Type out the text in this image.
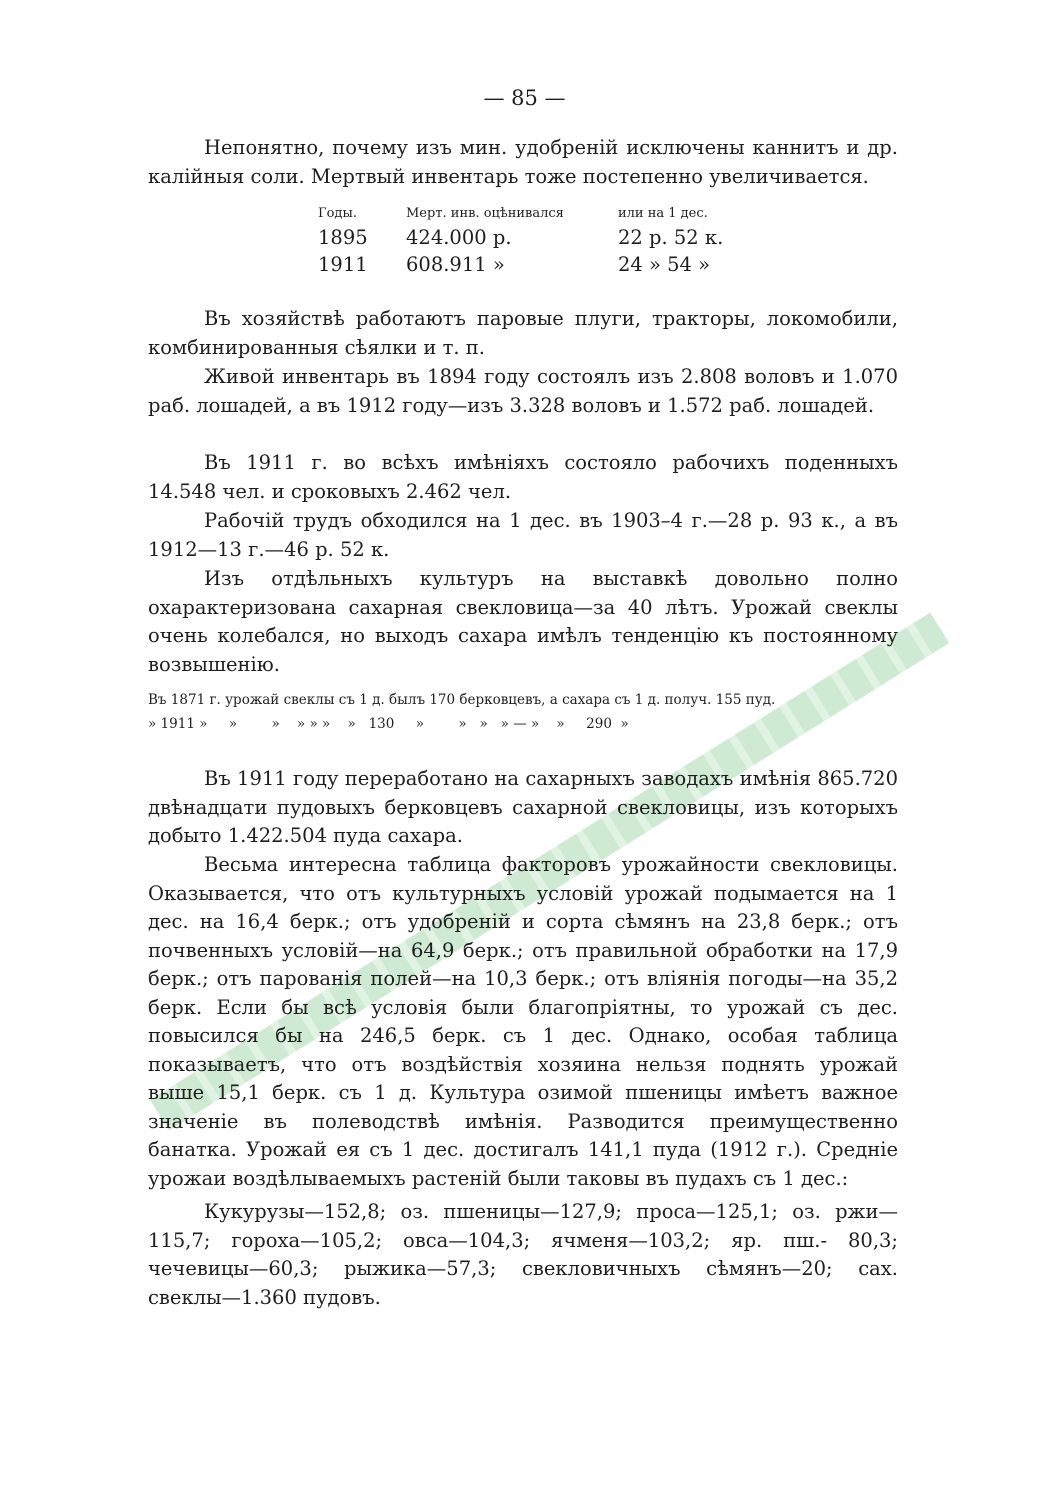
— 85 —
Непонятно, почему изъ мин. удобреній исключены каннитъ и др. калійныя соли. Мертвый инвентарь тоже постепенно увеличивается.
Годы.	Мерт. инв. оцѣнивался	или на 1 дес.
1895	424.000 р.	22 р. 52 к.
1911	608.911 »	24 » 54 »
Въ хозяйствѣ работаютъ паровые плуги, тракторы, локомобили, комбинированныя сѣялки и т. п.
Живой инвентарь въ 1894 году состоялъ изъ 2.808 воловъ и 1.070 раб. лошадей, а въ 1912 году—изъ 3.328 воловъ и 1.572 раб. лошадей.
Въ 1911 г. во всѣхъ имѣніяхъ состояло рабочихъ поденныхъ 14.548 чел. и сроковыхъ 2.462 чел.
Рабочій трудъ обходился на 1 дес. въ 1903–4 г.—28 р. 93 к., а въ 1912—13 г.—46 р. 52 к.
Изъ отдѣльныхъ культуръ на выставкѣ довольно полно охарактеризована сахарная свекловица—за 40 лѣтъ. Урожай свеклы очень колебался, но выходъ сахара имѣлъ тенденцію къ постоянному возвышенію.
Въ 1871 г. урожай свеклы съ 1 д. былъ 170 берковцевъ, а сахара съ 1 д. получ. 155 пуд.
» 1911 »     »        »    » » »    »   130     »        »   »   » — »    »     290  »
Въ 1911 году переработано на сахарныхъ заводахъ имѣнія 865.720 двѣнадцати пудовыхъ берковцевъ сахарной свекловицы, изъ которыхъ добыто 1.422.504 пуда сахара.
Весьма интересна таблица факторовъ урожайности свекловицы. Оказывается, что отъ культурныхъ условій урожай подымается на 1 дес. на 16,4 берк.; отъ удобреній и сорта сѣмянъ на 23,8 берк.; отъ почвенныхъ условій—на 64,9 берк.; отъ правильной обработки на 17,9 берк.; отъ парованія полей—на 10,3 берк.; отъ вліянія погоды—на 35,2 берк. Если бы всѣ условія были благопріятны, то урожай съ дес. повысился бы на 246,5 берк. съ 1 дес. Однако, особая таблица показываетъ, что отъ воздѣйствія хозяина нельзя поднять урожай выше 15,1 берк. съ 1 д. Культура озимой пшеницы имѣетъ важное значеніе въ полеводствѣ имѣнія. Разводится преимущественно банатка. Урожай ея съ 1 дес. достигалъ 141,1 пуда (1912 г.). Средніе урожаи воздѣлываемыхъ растеній были таковы въ пудахъ съ 1 дес.:
Кукурузы—152,8; оз. пшеницы—127,9; проса—125,1; оз. ржи—115,7; гороха—105,2; овса—104,3; ячменя—103,2; яр. пш.- 80,3; чечевицы—60,3; рыжика—57,3; свекловичныхъ сѣмянъ—20; сах. свеклы—1.360 пудовъ.
